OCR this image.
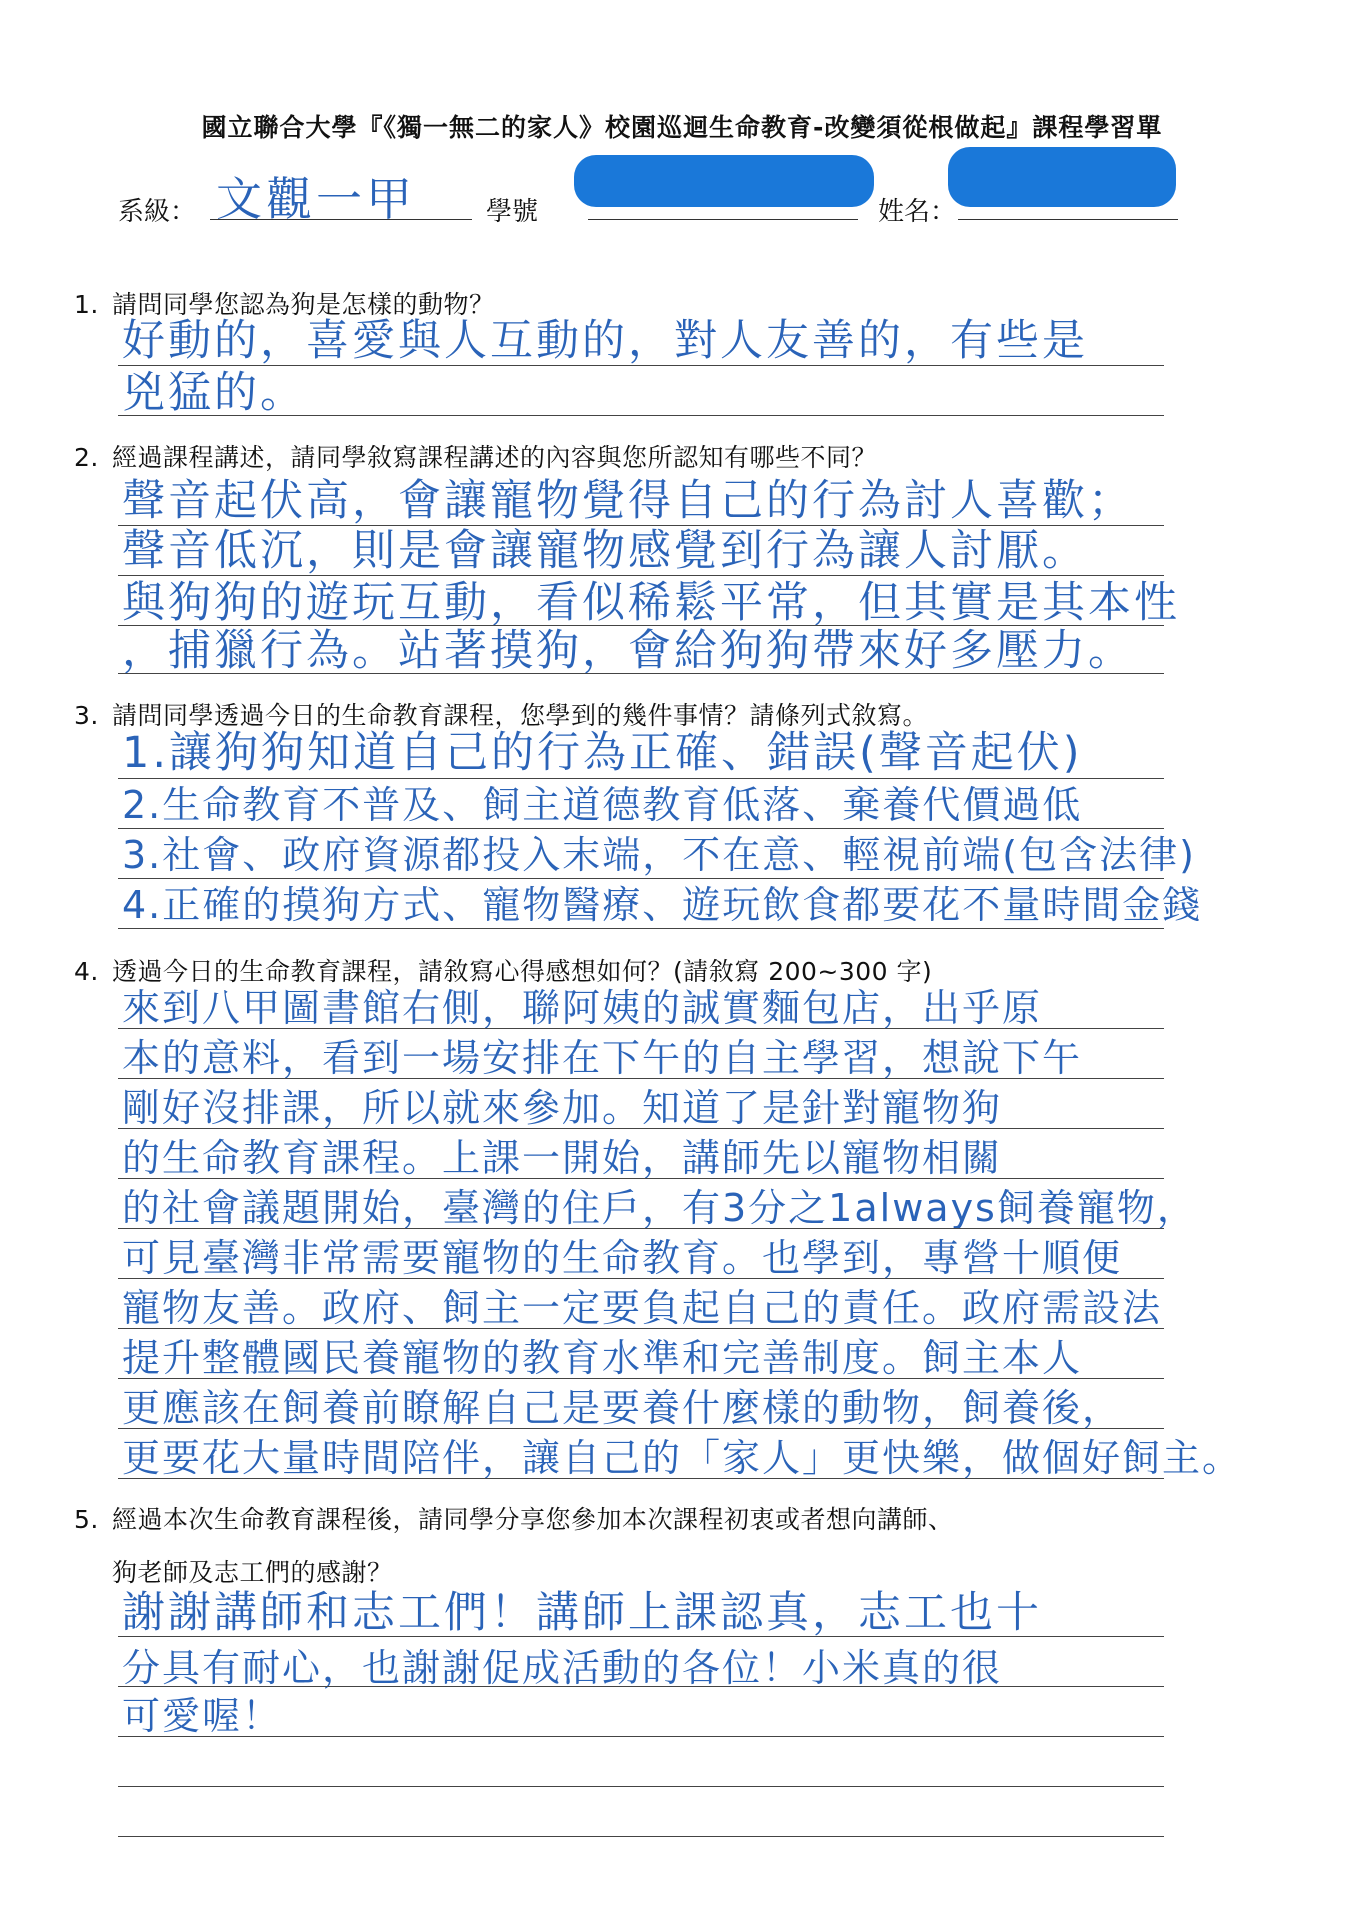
國立聯合大學『《獨一無二的家人》校園巡迴生命教育-改變須從根做起』課程學習單
系級： 文觀一甲	學號	姓名：
1. 請問同學您認為狗是怎樣的動物？
好動的，喜愛與人互動的，對人友善的，有些是
兇猛的。
2. 經過課程講述，請同學敘寫課程講述的內容與您所認知有哪些不同？
聲音起伏高，會讓寵物覺得自己的行為討人喜歡；
聲音低沉，則是會讓寵物感覺到行為讓人討厭。
與狗狗的遊玩互動，看似稀鬆平常，但其實是其本性
，捕獵行為。站著摸狗，會給狗狗帶來好多壓力。
3. 請問同學透過今日的生命教育課程，您學到的幾件事情？請條列式敘寫。
1.讓狗狗知道自己的行為正確、錯誤(聲音起伏)
2.生命教育不普及、飼主道德教育低落、棄養代價過低
3.社會、政府資源都投入末端，不在意、輕視前端(包含法律)
4.正確的摸狗方式、寵物醫療、遊玩飲食都要花不量時間金錢
4. 透過今日的生命教育課程，請敘寫心得感想如何？(請敘寫 200~300 字)
來到八甲圖書館右側，聯阿姨的誠實麵包店，出乎原
本的意料，看到一場安排在下午的自主學習，想說下午
剛好沒排課，所以就來參加。知道了是針對寵物狗
的生命教育課程。上課一開始，講師先以寵物相關
的社會議題開始，臺灣的住戶，有3分之1always飼養寵物，
可見臺灣非常需要寵物的生命教育。也學到，專營十順便
寵物友善。政府、飼主一定要負起自己的責任。政府需設法
提升整體國民養寵物的教育水準和完善制度。飼主本人
更應該在飼養前瞭解自己是要養什麼樣的動物，飼養後，
更要花大量時間陪伴，讓自己的「家人」更快樂，做個好飼主。
5. 經過本次生命教育課程後，請同學分享您參加本次課程初衷或者想向講師、
狗老師及志工們的感謝？
謝謝講師和志工們！講師上課認真，志工也十
分具有耐心，也謝謝促成活動的各位！小米真的很
可愛喔！
